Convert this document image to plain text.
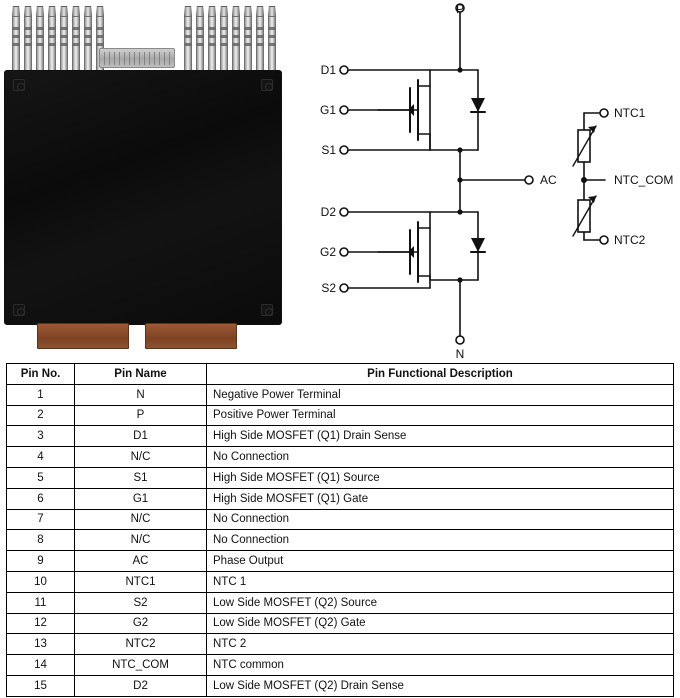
P
N
AC
D1
G1
S1
D2
G2
S2
NTC1
NTC2
NTC_COM
Pin No.	Pin Name	Pin Functional Description
1	N	Negative Power Terminal
2	P	Positive Power Terminal
3	D1	High Side MOSFET (Q1) Drain Sense
4	N/C	No Connection
5	S1	High Side MOSFET (Q1) Source
6	G1	High Side MOSFET (Q1) Gate
7	N/C	No Connection
8	N/C	No Connection
9	AC	Phase Output
10	NTC1	NTC 1
11	S2	Low Side MOSFET (Q2) Source
12	G2	Low Side MOSFET (Q2) Gate
13	NTC2	NTC 2
14	NTC_COM	NTC common
15	D2	Low Side MOSFET (Q2) Drain Sense
